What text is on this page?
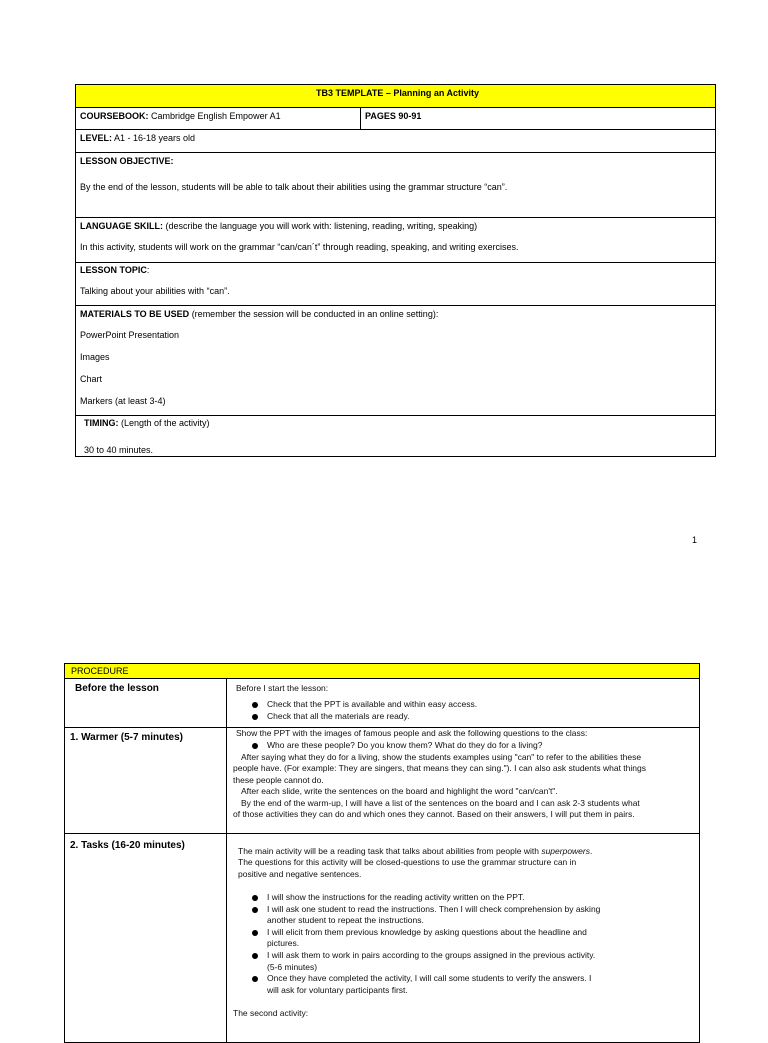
TB3 TEMPLATE – Planning an Activity
COURSEBOOK: Cambridge English Empower A1	PAGES 90-91
LEVEL: A1 - 16-18 years old
LESSON OBJECTIVE:
By the end of the lesson, students will be able to talk about their abilities using the grammar structure “can”.
LANGUAGE SKILL: (describe the language you will work with: listening, reading, writing, speaking)
In this activity, students will work on the grammar “can/can´t” through reading, speaking, and writing exercises.
LESSON TOPIC:
Talking about your abilities with “can”.
MATERIALS TO BE USED (remember the session will be conducted in an online setting):
PowerPoint Presentation
Images
Chart
Markers (at least 3-4)
TIMING: (Length of the activity)
30 to 40 minutes.
1
PROCEDURE
Before the lesson	Before I start the lesson:
Check that the PPT is available and within easy access.
Check that all the materials are ready.
1. Warmer (5-7 minutes)	Show the PPT with the images of famous people and ask the following questions to the class:
Who are these people? Do you know them? What do they do for a living?
After saying what they do for a living, show the students examples using "can" to refer to the abilities these
people have. (For example: They are singers, that means they can sing."). I can also ask students what things
these people cannot do.
After each slide, write the sentences on the board and highlight the word "can/can't".
By the end of the warm-up, I will have a list of the sentences on the board and I can ask 2-3 students what
of those activities they can do and which ones they cannot. Based on their answers, I will put them in pairs.
2. Tasks (16-20 minutes)	The main activity will be a reading task that talks about abilities from people with superpowers.
The questions for this activity will be closed-questions to use the grammar structure can in
positive and negative sentences.
I will show the instructions for the reading activity written on the PPT.
I will ask one student to read the instructions. Then I will check comprehension by asking
another student to repeat the instructions.
I will elicit from them previous knowledge by asking questions about the headline and
pictures.
I will ask them to work in pairs according to the groups assigned in the previous activity.
(5-6 minutes)
Once they have completed the activity, I will call some students to verify the answers. I
will ask for voluntary participants first.
The second activity:
